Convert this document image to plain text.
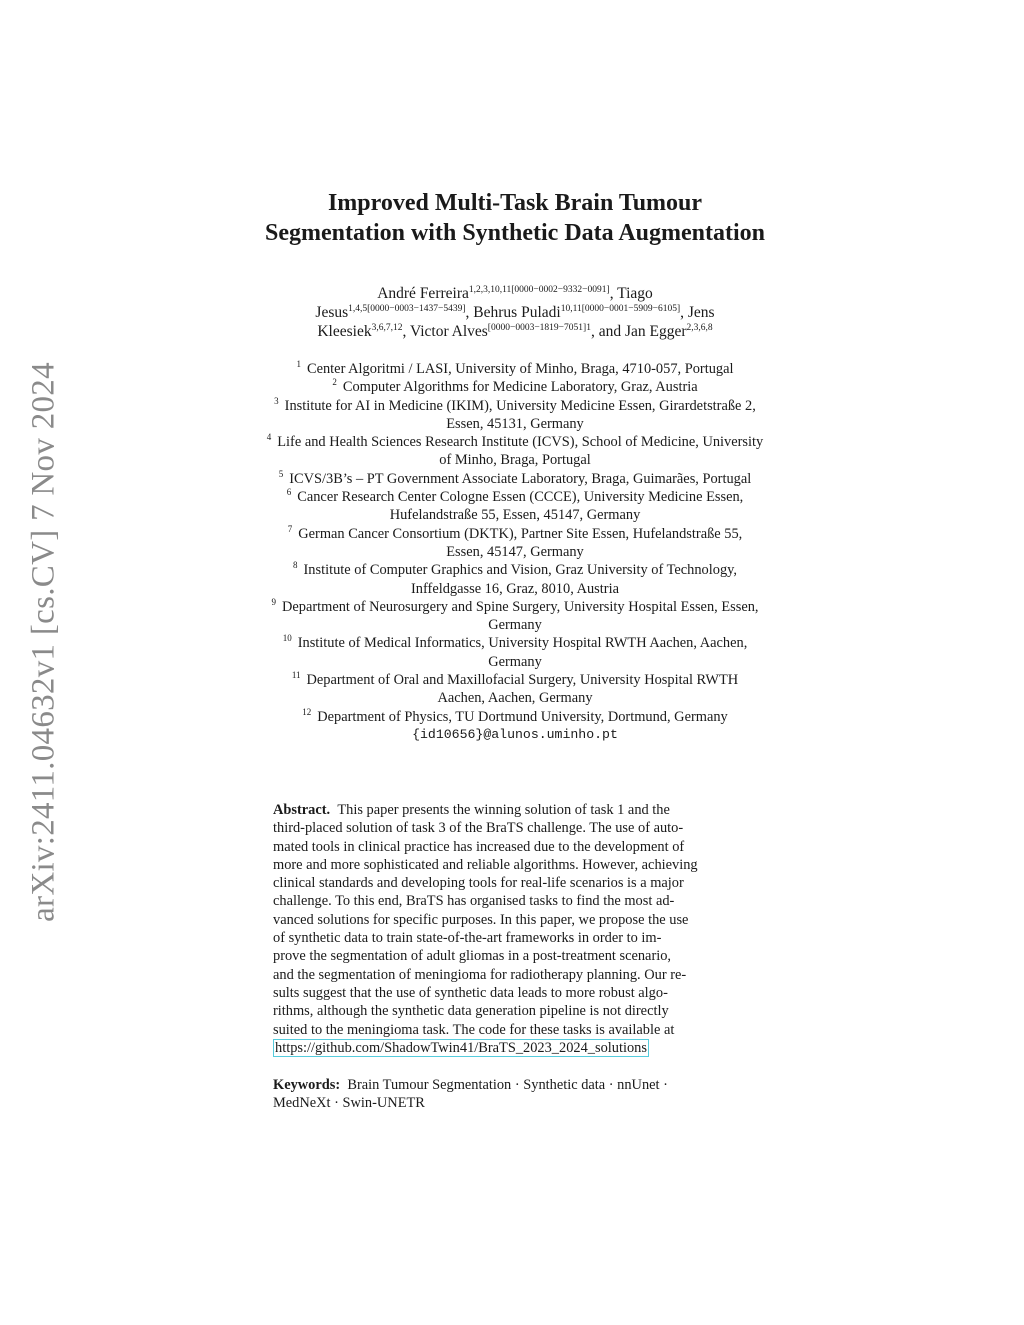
arXiv:2411.04632v1 [cs.CV] 7 Nov 2024
Improved Multi-Task Brain Tumour
Segmentation with Synthetic Data Augmentation
André Ferreira$^{1,2,3,10,11[0000-0002-9332-0091]}$, Tiago
Jesus$^{1,4,5[0000-0003-1437-5439]}$, Behrus Puladi$^{10,11[0000-0001-5909-6105]}$, Jens
Kleesiek$^{3,6,7,12}$, Victor Alves$^{[0000-0003-1819-7051]1}$, and Jan Egger$^{2,3,6,8}$
$^1$ Center Algoritmi / LASI, University of Minho, Braga, 4710-057, Portugal
$^2$ Computer Algorithms for Medicine Laboratory, Graz, Austria
$^3$ Institute for AI in Medicine (IKIM), University Medicine Essen, Girardetstraße 2,
Essen, 45131, Germany
$^4$ Life and Health Sciences Research Institute (ICVS), School of Medicine, University
of Minho, Braga, Portugal
$^5$ ICVS/3B’s – PT Government Associate Laboratory, Braga, Guimarães, Portugal
$^6$ Cancer Research Center Cologne Essen (CCCE), University Medicine Essen,
Hufelandstraße 55, Essen, 45147, Germany
$^7$ German Cancer Consortium (DKTK), Partner Site Essen, Hufelandstraße 55,
Essen, 45147, Germany
$^8$ Institute of Computer Graphics and Vision, Graz University of Technology,
Inffeldgasse 16, Graz, 8010, Austria
$^9$ Department of Neurosurgery and Spine Surgery, University Hospital Essen, Essen,
Germany
$^{10}$ Institute of Medical Informatics, University Hospital RWTH Aachen, Aachen,
Germany
$^{11}$ Department of Oral and Maxillofacial Surgery, University Hospital RWTH
Aachen, Aachen, Germany
$^{12}$ Department of Physics, TU Dortmund University, Dortmund, Germany
{id10656}@alunos.uminho.pt
Abstract. This paper presents the winning solution of task 1 and the
third-placed solution of task 3 of the BraTS challenge. The use of auto-
mated tools in clinical practice has increased due to the development of
more and more sophisticated and reliable algorithms. However, achieving
clinical standards and developing tools for real-life scenarios is a major
challenge. To this end, BraTS has organised tasks to find the most ad-
vanced solutions for specific purposes. In this paper, we propose the use
of synthetic data to train state-of-the-art frameworks in order to im-
prove the segmentation of adult gliomas in a post-treatment scenario,
and the segmentation of meningioma for radiotherapy planning. Our re-
sults suggest that the use of synthetic data leads to more robust algo-
rithms, although the synthetic data generation pipeline is not directly
suited to the meningioma task. The code for these tasks is available at
https://github.com/ShadowTwin41/BraTS_2023_2024_solutions
Keywords: Brain Tumour Segmentation · Synthetic data · nnUnet ·
MedNeXt · Swin-UNETR
